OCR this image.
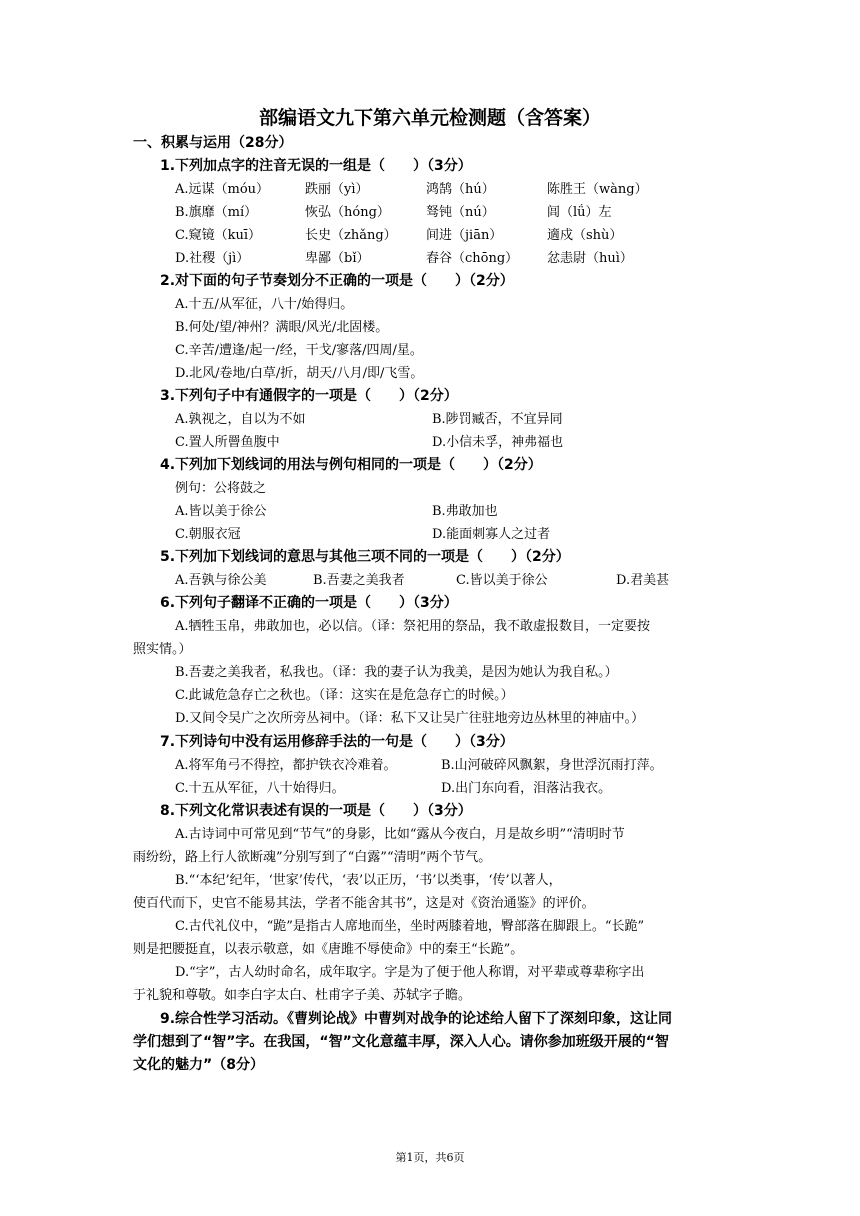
部编语文九下第六单元检测题（含答案）
一、积累与运用（28分）
1.下列加点字的注音无误的一组是（　　）（3分）
A.远谋（móu）	跌丽（yì）	鸿鹄（hú）	陈胜王（wàng）
B.旗靡（mí）	恢弘（hóng）	驽钝（nú）	闾（lǘ）左
C.窥镜（kuī）	长史（zhǎng） 间进（jiān）	適戍（shù）
D.社稷（jì）	卑鄙（bǐ）	舂谷（chōng） 忿恚尉（huì）
2.对下面的句子节奏划分不正确的一项是（　　）（2分）
A.十五/从军征，八十/始得归。
B.何处/望/神州？满眼/风光/北固楼。
C.辛苦/遭逢/起一/经，干戈/寥落/四周/星。
D.北风/卷地/白草/折，胡天/八月/即/飞雪。
3.下列句子中有通假字的一项是（　　）（2分）
A.孰视之，自以为不如	B.陟罚臧否，不宜异同
C.置人所罾鱼腹中	D.小信未孚，神弗福也
4.下列加下划线词的用法与例句相同的一项是（　　）（2分）
例句：公将鼓之
A.皆以美于徐公	B.弗敢加也
C.朝服衣冠	D.能面刺寡人之过者
5.下列加下划线词的意思与其他三项不同的一项是（　　）（2分）
A.吾孰与徐公美	B.吾妻之美我者	C.皆以美于徐公	D.君美甚
6.下列句子翻译不正确的一项是（　　）（3分）
A.牺牲玉帛，弗敢加也，必以信。（译：祭祀用的祭品，我不敢虚报数目，一定要按
照实情。）
B.吾妻之美我者，私我也。（译：我的妻子认为我美，是因为她认为我自私。）
C.此诚危急存亡之秋也。（译：这实在是危急存亡的时候。）
D.又间令吴广之次所旁丛祠中。（译：私下又让吴广往驻地旁边丛林里的神庙中。）
7.下列诗句中没有运用修辞手法的一句是（　　）（3分）
A.将军角弓不得控，都护铁衣冷难着。	B.山河破碎风飘絮，身世浮沉雨打萍。
C.十五从军征，八十始得归。	D.出门东向看，泪落沾我衣。
8.下列文化常识表述有误的一项是（　　）（3分）
A.古诗词中可常见到“节气”的身影，比如“露从今夜白，月是故乡明”“清明时节
雨纷纷，路上行人欲断魂”分别写到了“白露”“清明”两个节气。
B.“‘本纪’纪年，‘世家’传代，‘表’以正历，‘书’以类事，‘传’以著人，
使百代而下，史官不能易其法，学者不能舍其书”，这是对《资治通鉴》的评价。
C.古代礼仪中，“跪”是指古人席地而坐，坐时两膝着地，臀部落在脚跟上。“长跪”
则是把腰挺直，以表示敬意，如《唐雎不辱使命》中的秦王“长跪”。
D.“字”，古人幼时命名，成年取字。字是为了便于他人称谓，对平辈或尊辈称字出
于礼貌和尊敬。如李白字太白、杜甫字子美、苏轼字子瞻。
9.综合性学习活动。《曹刿论战》中曹刿对战争的论述给人留下了深刻印象，这让同
学们想到了“智”字。在我国，“智”文化意蕴丰厚，深入人心。请你参加班级开展的“智
文化的魅力”（8分）
第1页，共6页
